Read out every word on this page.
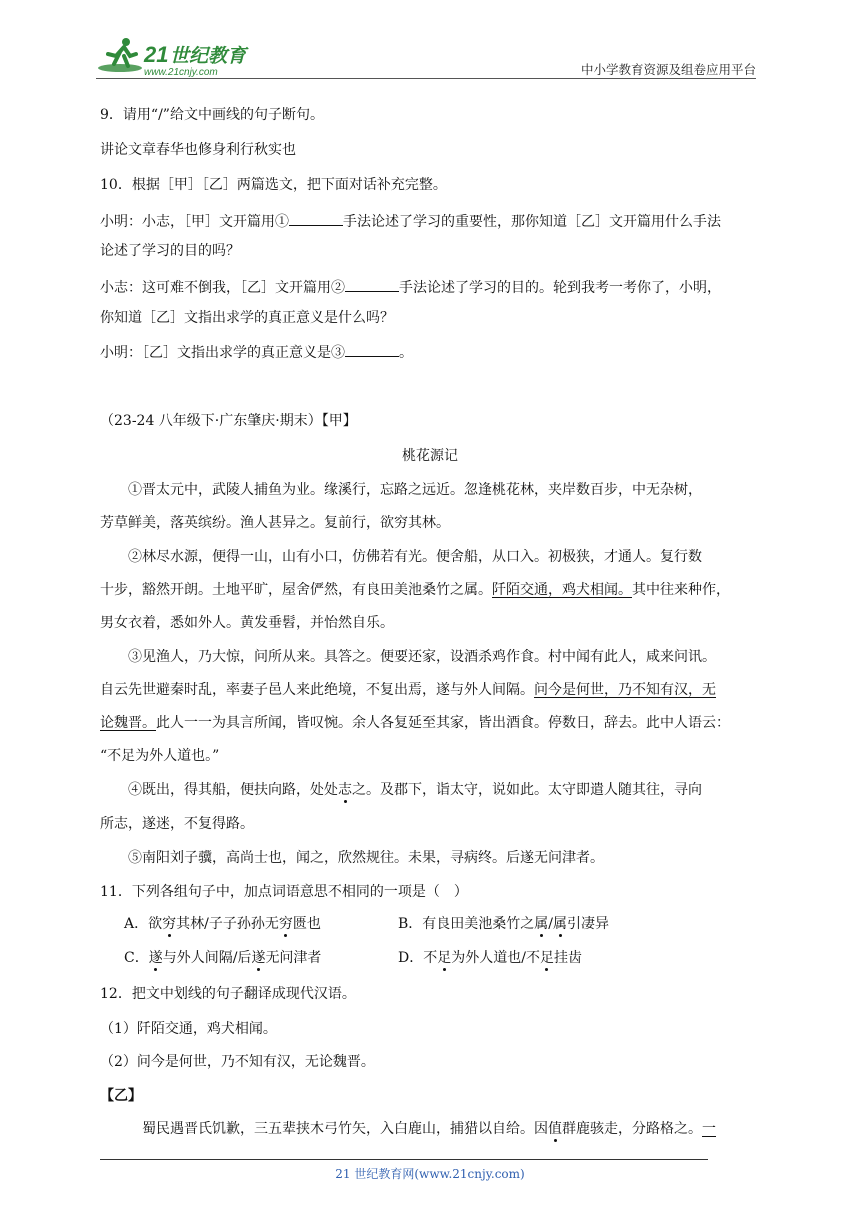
21 世纪教育
www.21cnjy.com	中小学教育资源及组卷应用平台
9．请用“/”给文中画线的句子断句。
讲论文章春华也修身利行秋实也
10．根据［甲］［乙］两篇选文，把下面对话补充完整。
小明：小志，［甲］文开篇用①	手法论述了学习的重要性，那你知道［乙］文开篇用什么手法
论述了学习的目的吗？
小志：这可难不倒我，［乙］文开篇用②	手法论述了学习的目的。轮到我考一考你了，小明，
你知道［乙］文指出求学的真正意义是什么吗？
小明：［乙］文指出求学的真正意义是③	。
（23-24 八年级下·广东肇庆·期末）【甲】
桃花源记
①晋太元中，武陵人捕鱼为业。缘溪行，忘路之远近。忽逢桃花林，夹岸数百步，中无杂树，
芳草鲜美，落英缤纷。渔人甚异之。复前行，欲穷其林。
②林尽水源，便得一山，山有小口，仿佛若有光。便舍船，从口入。初极狭，才通人。复行数
十步，豁然开朗。土地平旷，屋舍俨然，有良田美池桑竹之属。阡陌交通，鸡犬相闻。其中往来种作，
男女衣着，悉如外人。黄发垂髫，并怡然自乐。
③见渔人，乃大惊，问所从来。具答之。便要还家，设酒杀鸡作食。村中闻有此人，咸来问讯。
自云先世避秦时乱，率妻子邑人来此绝境，不复出焉，遂与外人间隔。问今是何世，乃不知有汉，无
论魏晋。此人一一为具言所闻，皆叹惋。余人各复延至其家，皆出酒食。停数日，辞去。此中人语云：
“不足为外人道也。”
④既出，得其船，便扶向路，处处志之。及郡下，诣太守，说如此。太守即遣人随其往，寻向
所志，遂迷，不复得路。
⑤南阳刘子骥，高尚士也，闻之，欣然规往。未果，寻病终。后遂无问津者。
11．下列各组句子中，加点词语意思不相同的一项是（　）
A．欲穷其林/子子孙孙无穷匮也	B．有良田美池桑竹之属/属引凄异
C．遂与外人间隔/后遂无问津者	D．不足为外人道也/不足挂齿
12．把文中划线的句子翻译成现代汉语。
（1）阡陌交通，鸡犬相闻。
（2）问今是何世，乃不知有汉，无论魏晋。
【乙】
蜀民遇晋氏饥歉，三五辈挟木弓竹矢，入白鹿山，捕猎以自给。因值群鹿骇走，分路格之。一
21 世纪教育网(www.21cnjy.com)
